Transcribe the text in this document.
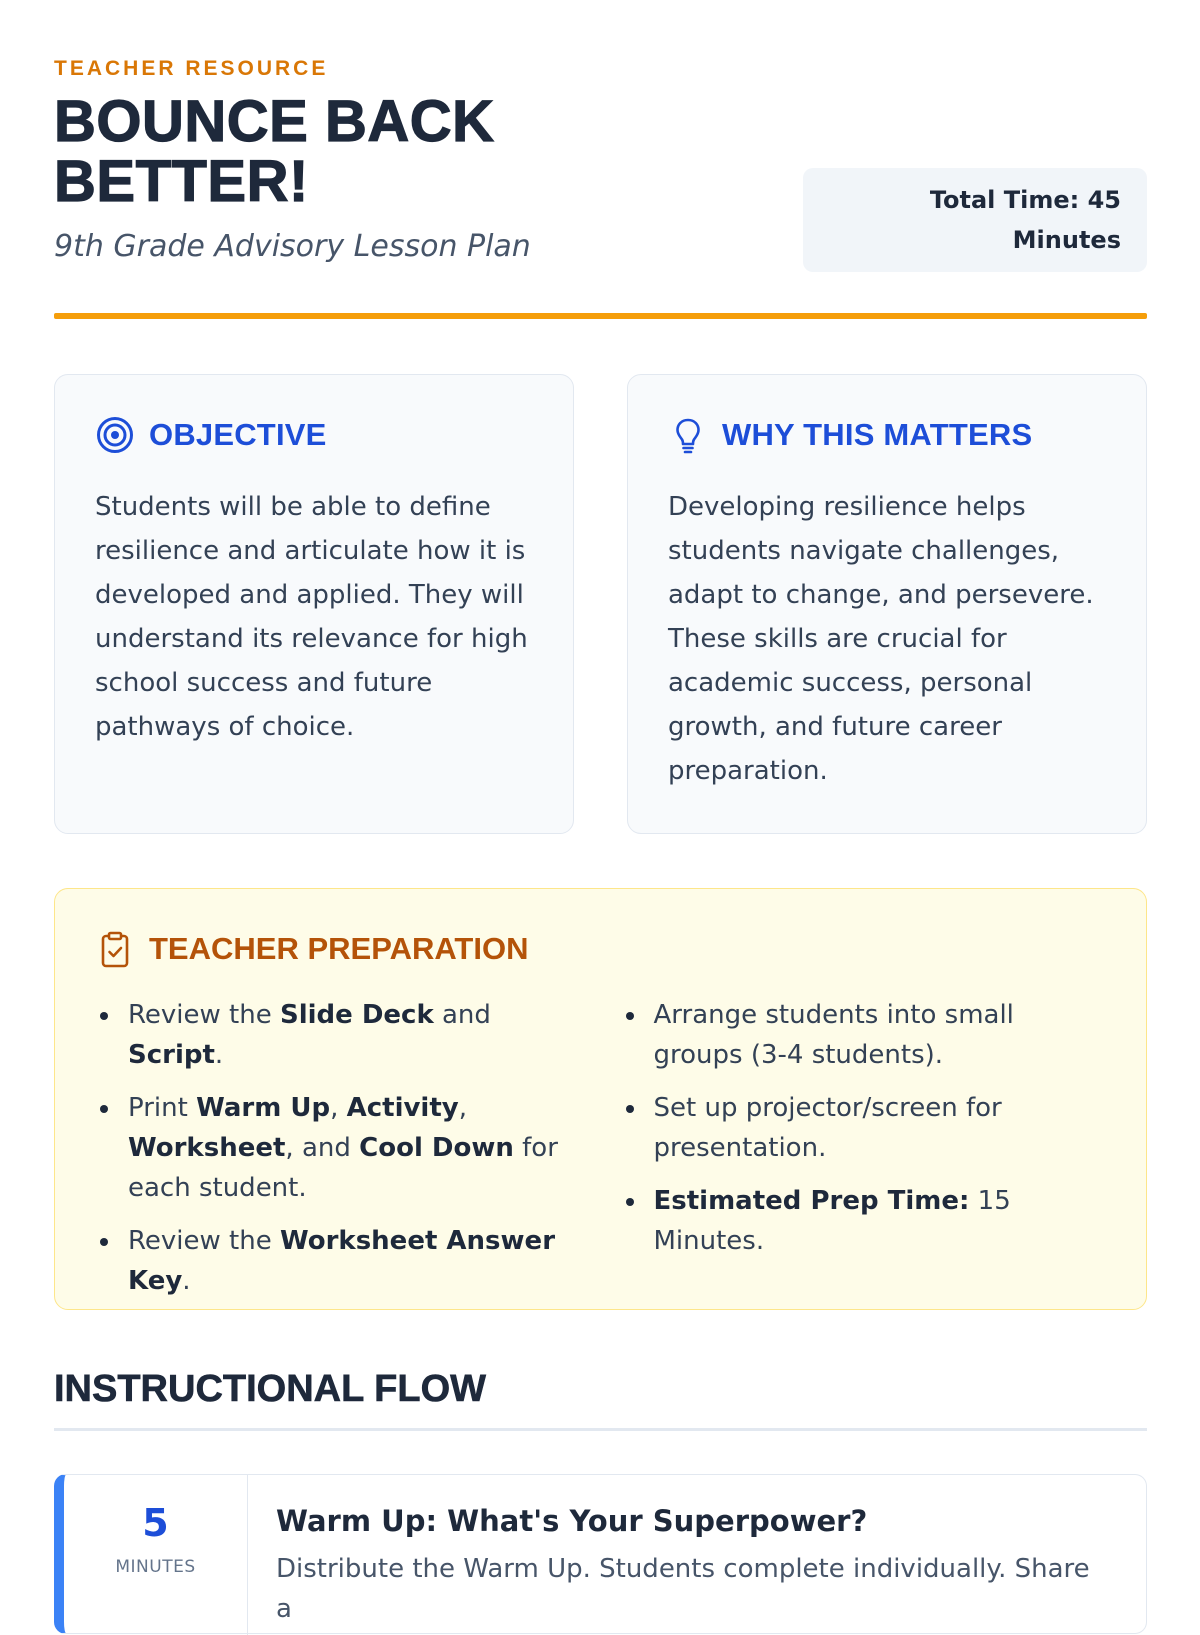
TEACHER RESOURCE
BOUNCE BACK BETTER!
9th Grade Advisory Lesson Plan
Total Time: 45 Minutes
OBJECTIVE

Students will be able to define resilience and articulate how it is developed and applied. They will understand its relevance for high school success and future pathways of choice.

WHY THIS MATTERS

Developing resilience helps students navigate challenges, adapt to change, and persevere. These skills are crucial for academic success, personal growth, and future career preparation.

TEACHER PREPARATION
Review the Slide Deck and Script.
Print Warm Up, Activity, Worksheet, and Cool Down for each student.
Review the Worksheet Answer Key.
Arrange students into small groups (3-4 students).
Set up projector/screen for presentation.
Estimated Prep Time: 15 Minutes.
INSTRUCTIONAL FLOW
5
MINUTES
Warm Up: What's Your Superpower?
Distribute the Warm Up. Students complete individually. Share a
